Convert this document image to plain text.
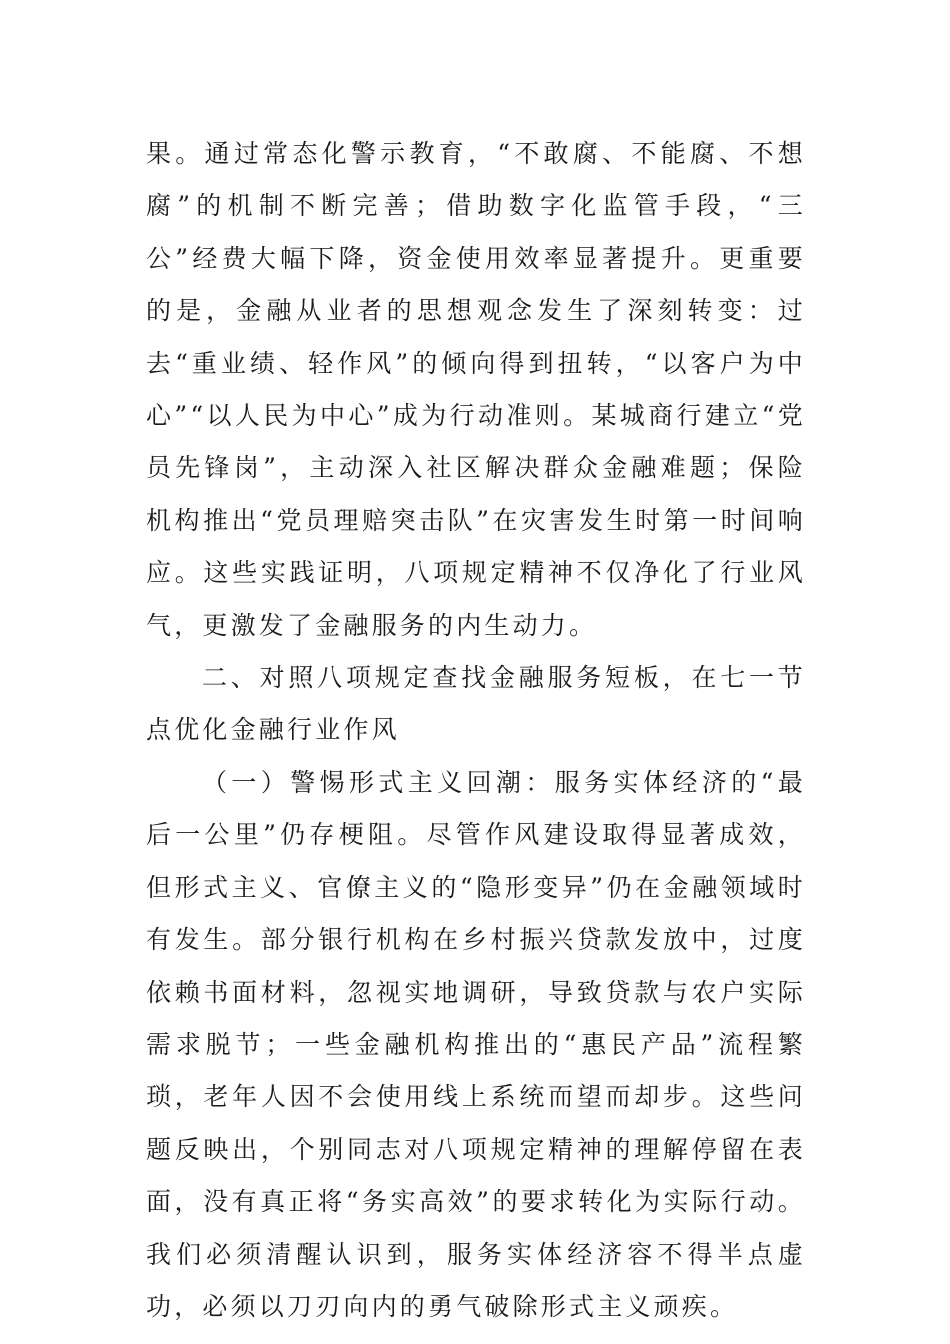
果。通过常态化警示教育，“不敢腐、不能腐、不想腐”的机制不断完善；借助数字化监管手段，“三公”经费大幅下降，资金使用效率显著提升。更重要的是，金融从业者的思想观念发生了深刻转变：过去“重业绩、轻作风”的倾向得到扭转，“以客户为中心”“以人民为中心”成为行动准则。某城商行建立“党员先锋岗”，主动深入社区解决群众金融难题；保险机构推出“党员理赔突击队”在灾害发生时第一时间响应。这些实践证明，八项规定精神不仅净化了行业风气，更激发了金融服务的内生动力。

二、对照八项规定查找金融服务短板，在七一节点优化金融行业作风

（一）警惕形式主义回潮：服务实体经济的“最后一公里”仍存梗阻。尽管作风建设取得显著成效，但形式主义、官僚主义的“隐形变异”仍在金融领域时有发生。部分银行机构在乡村振兴贷款发放中，过度依赖书面材料，忽视实地调研，导致贷款与农户实际需求脱节；一些金融机构推出的“惠民产品”流程繁琐，老年人因不会使用线上系统而望而却步。这些问题反映出，个别同志对八项规定精神的理解停留在表面，没有真正将“务实高效”的要求转化为实际行动。我们必须清醒认识到，服务实体经济容不得半点虚功，必须以刀刃向内的勇气破除形式主义顽疾。
